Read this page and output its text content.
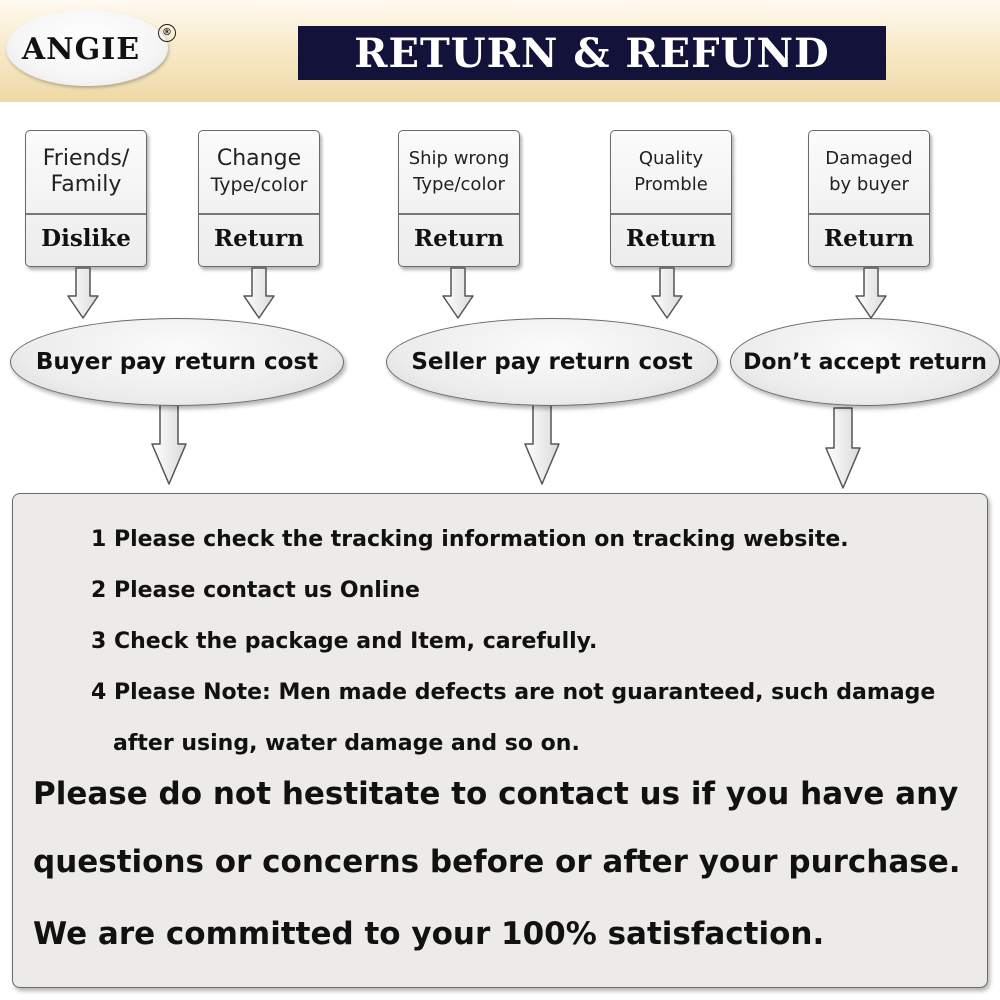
ANGIE	®	RETURN & REFUND
Friends/
Family
Dislike
Change
Type/color
Return
Ship wrong
Type/color
Return
Quality
Promble
Return
Damaged
by buyer
Return
Buyer pay return cost	Seller pay return cost Don’t accept return
1 Please check the tracking information on tracking website.
2 Please contact us Online
3 Check the package and Item, carefully.
4 Please Note: Men made defects are not guaranteed, such damage
after using, water damage and so on.
Please do not hestitate to contact us if you have any
questions or concerns before or after your purchase.
We are committed to your 100% satisfaction.
